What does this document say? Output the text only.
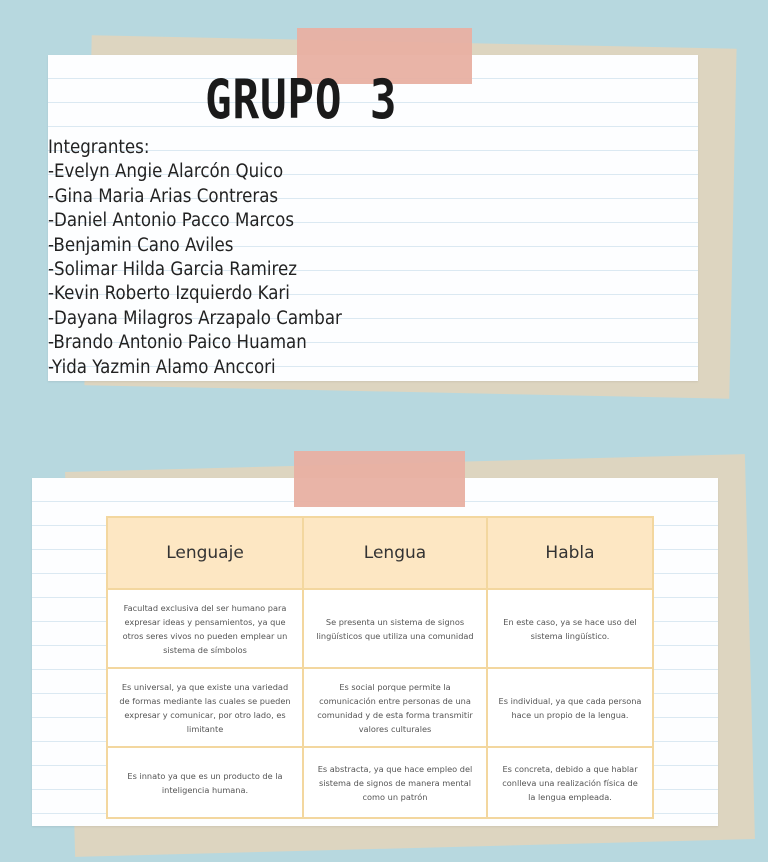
GRUPO 3
Integrantes:
-Evelyn Angie Alarcón Quico
-Gina Maria Arias Contreras
-Daniel Antonio Pacco Marcos
-Benjamin Cano Aviles
-Solimar Hilda Garcia Ramirez
-Kevin Roberto Izquierdo Kari
-Dayana Milagros Arzapalo Cambar
-Brando Antonio Paico Huaman
-Yida Yazmin Alamo Anccori
Lenguaje	Lengua	Habla
Facultad exclusiva del ser humano para expresar ideas y pensamientos, ya que otros seres vivos no pueden emplear un sistema de símbolos
Se presenta un sistema de signos lingüísticos que utiliza una comunidad
En este caso, ya se hace uso del sistema lingüístico.
Es universal, ya que existe una variedad de formas mediante las cuales se pueden expresar y comunicar, por otro lado, es limitante
Es social porque permite la comunicación entre personas de una comunidad y de esta forma transmitir valores culturales
Es individual, ya que cada persona hace un propio de la lengua.
Es innato ya que es un producto de la inteligencia humana.
Es abstracta, ya que hace empleo del sistema de signos de manera mental como un patrón
Es concreta, debido a que hablar conlleva una realización física de la lengua empleada.
